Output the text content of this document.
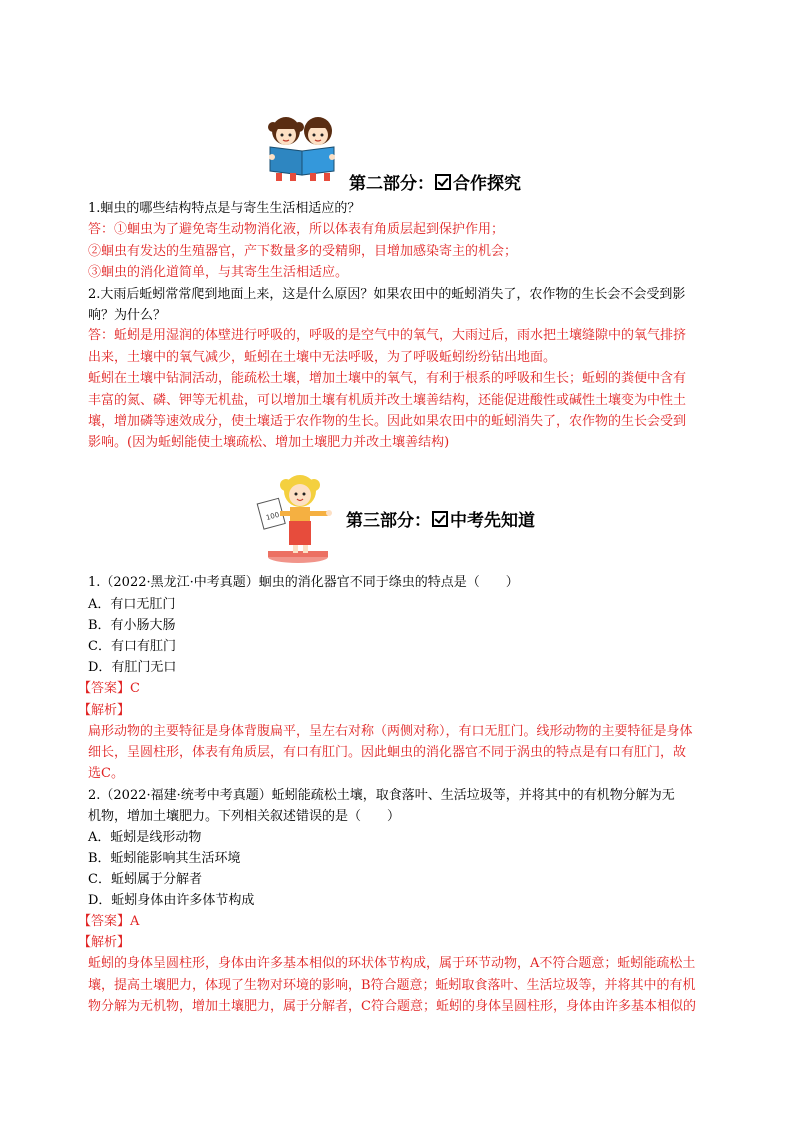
第二部分： 合作探究
1.蛔虫的哪些结构特点是与寄生生活相适应的？
答：①蛔虫为了避免寄生动物消化液，所以体表有角质层起到保护作用；
②蛔虫有发达的生殖器官，产下数量多的受精卵，目增加感染寄主的机会；
③蛔虫的消化道简单，与其寄生生活相适应。
2.大雨后蚯蚓常常爬到地面上来，这是什么原因？如果农田中的蚯蚓消失了，农作物的生长会不会受到影
响？为什么？
答：蚯蚓是用湿润的体壁进行呼吸的，呼吸的是空气中的氧气，大雨过后，雨水把土壤缝隙中的氧气排挤
出来，土壤中的氧气减少，蚯蚓在土壤中无法呼吸，为了呼吸蚯蚓纷纷钻出地面。
蚯蚓在土壤中钻洞活动，能疏松土壤，增加土壤中的氧气，有利于根系的呼吸和生长；蚯蚓的粪便中含有
丰富的氮、磷、钾等无机盐，可以增加土壤有机质并改土壤善结构，还能促进酸性或碱性土壤变为中性土
壤，增加磷等速效成分，使土壤适于农作物的生长。因此如果农田中的蚯蚓消失了，农作物的生长会受到
影响。(因为蚯蚓能使土壤疏松、增加土壤肥力并改土壤善结构)
100	第三部分： 中考先知道
1.（2022·黑龙江·中考真题）蛔虫的消化器官不同于绦虫的特点是（　　）
A．有口无肛门
B．有小肠大肠
C．有口有肛门
D．有肛门无口
【答案】C
【解析】
扁形动物的主要特征是身体背腹扁平，呈左右对称（两侧对称），有口无肛门。线形动物的主要特征是身体
细长，呈圆柱形，体表有角质层，有口有肛门。因此蛔虫的消化器官不同于涡虫的特点是有口有肛门，故
选C。
2.（2022·福建·统考中考真题）蚯蚓能疏松土壤，取食落叶、生活垃圾等，并将其中的有机物分解为无
机物，增加土壤肥力。下列相关叙述错误的是（　　）
A．蚯蚓是线形动物
B．蚯蚓能影响其生活环境
C．蚯蚓属于分解者
D．蚯蚓身体由许多体节构成
【答案】A
【解析】
蚯蚓的身体呈圆柱形，身体由许多基本相似的环状体节构成，属于环节动物，A不符合题意；蚯蚓能疏松土
壤，提高土壤肥力，体现了生物对环境的影响，B符合题意；蚯蚓取食落叶、生活垃圾等，并将其中的有机
物分解为无机物，增加土壤肥力，属于分解者，C符合题意；蚯蚓的身体呈圆柱形，身体由许多基本相似的
